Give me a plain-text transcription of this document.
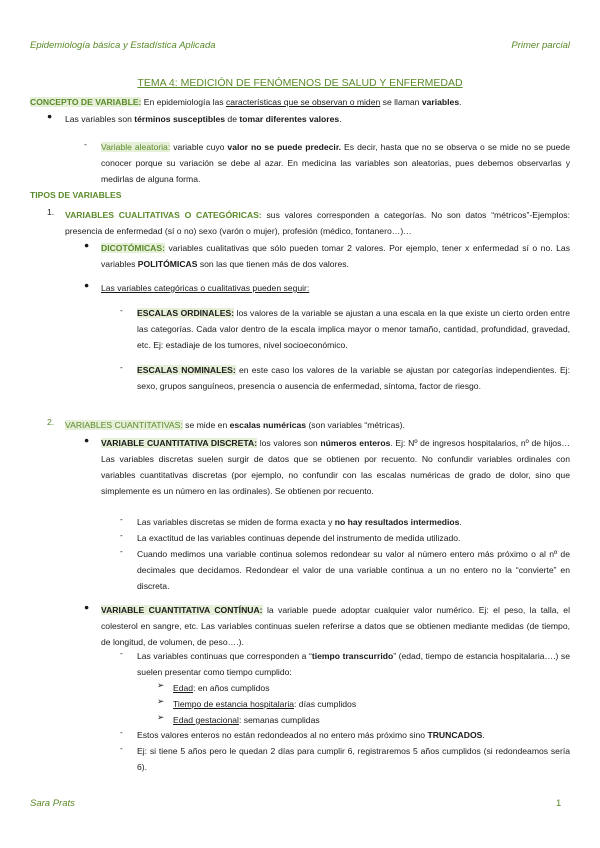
Epidemiología básica y Estadística Aplicada	Primer parcial
TEMA 4: MEDICIÓN DE FENÓMENOS DE SALUD Y ENFERMEDAD
CONCEPTO DE VARIABLE: En epidemiología las características que se observan o miden se llaman variables.
● Las variables son términos susceptibles de tomar diferentes valores.
- Variable aleatoria: variable cuyo valor no se puede predecir. Es decir, hasta que no se observa o se mide no se puede conocer porque su variación se debe al azar. En medicina las variables son aleatorias, pues debemos observarlas y medirlas de alguna forma.
TIPOS DE VARIABLES
1. VARIABLES CUALITATIVAS O CATEGÓRICAS: sus valores corresponden a categorías. No son datos “métricos”-Ejemplos: presencia de enfermedad (sí o no) sexo (varón o mujer), profesión (médico, fontanero…)…
● DICOTÓMICAS: variables cualitativas que sólo pueden tomar 2 valores. Por ejemplo, tener x enfermedad sí o no. Las variables POLITÓMICAS son las que tienen más de dos valores.
● Las variables categóricas o cualitativas pueden seguir:
- ESCALAS ORDINALES: los valores de la variable se ajustan a una escala en la que existe un cierto orden entre las categorías. Cada valor dentro de la escala implica mayor o menor tamaño, cantidad, profundidad, gravedad, etc. Ej: estadiaje de los tumores, nivel socioeconómico.
- ESCALAS NOMINALES: en este caso los valores de la variable se ajustan por categorías independientes. Ej: sexo, grupos sanguíneos, presencia o ausencia de enfermedad, síntoma, factor de riesgo.
2. VARIABLES CUANTITATIVAS: se mide en escalas numéricas (son variables “métricas).
● VARIABLE CUANTITATIVA DISCRETA: los valores son números enteros. Ej: Nº de ingresos hospitalarios, nº de hijos… Las variables discretas suelen surgir de datos que se obtienen por recuento. No confundir variables ordinales con variables cuantitativas discretas (por ejemplo, no confundir con las escalas numéricas de grado de dolor, sino que simplemente es un número en las ordinales). Se obtienen por recuento.
- Las variables discretas se miden de forma exacta y no hay resultados intermedios.
- La exactitud de las variables continuas depende del instrumento de medida utilizado.
- Cuando medimos una variable continua solemos redondear su valor al número entero más próximo o al nº de decimales que decidamos. Redondear el valor de una variable continua a un no entero no la “convierte” en discreta.
● VARIABLE CUANTITATIVA CONTÍNUA: la variable puede adoptar cualquier valor numérico. Ej: el peso, la talla, el colesterol en sangre, etc. Las variables continuas suelen referirse a datos que se obtienen mediante medidas (de tiempo, de longitud, de volumen, de peso….).
- Las variables continuas que corresponden a “tiempo transcurrido” (edad, tiempo de estancia hospitalaria….) se suelen presentar como tiempo cumplido:
➢ Edad: en años cumplidos
➢ Tiempo de estancia hospitalaria: días cumplidos
➢ Edad gestacional: semanas cumplidas
- Estos valores enteros no están redondeados al no entero más próximo sino TRUNCADOS.
- Ej: si tiene 5 años pero le quedan 2 días para cumplir 6, registraremos 5 años cumplidos (si redondeamos sería 6).
Sara Prats	1
